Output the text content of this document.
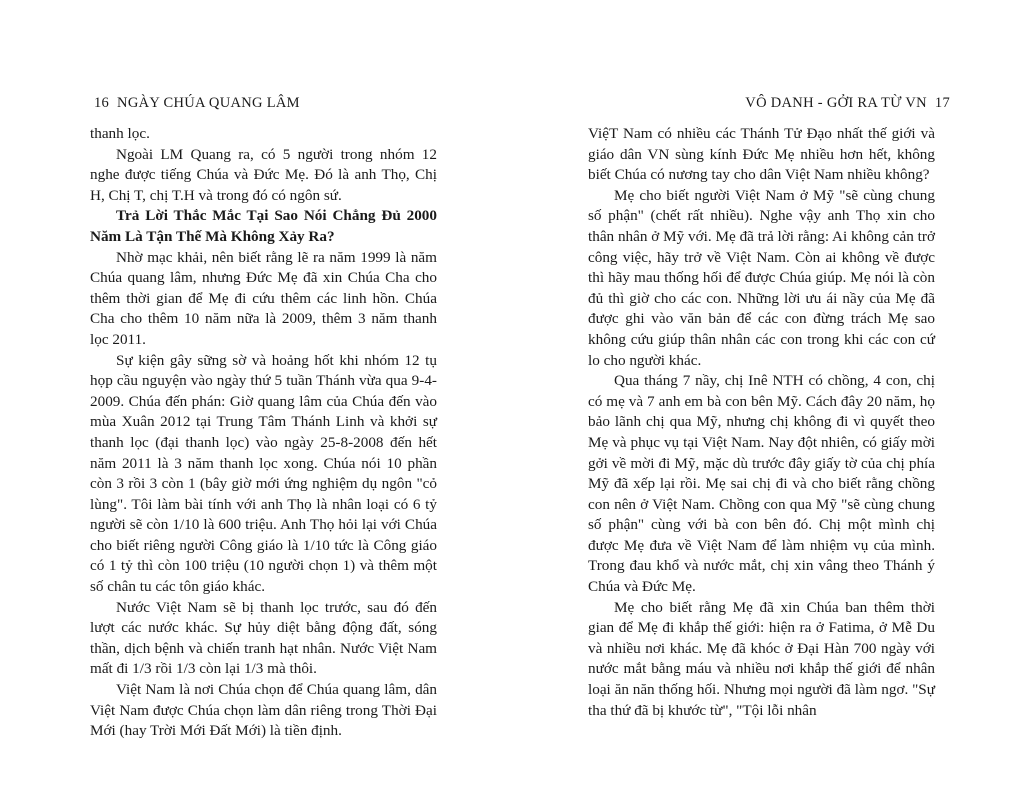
16 NGÀY CHÚA QUANG LÂM

thanh lọc.

Ngoài LM Quang ra, có 5 người trong nhóm 12 nghe được tiếng Chúa và Đức Mẹ. Đó là anh Thọ, Chị H, Chị T, chị T.H và trong đó có ngôn sứ.

Trả Lời Thắc Mắc Tại Sao Nói Chẳng Đủ 2000 Năm Là Tận Thế Mà Không Xảy Ra?

Nhờ mạc khải, nên biết rằng lẽ ra năm 1999 là năm Chúa quang lâm, nhưng Đức Mẹ đã xin Chúa Cha cho thêm thời gian để Mẹ đi cứu thêm các linh hồn. Chúa Cha cho thêm 10 năm nữa là 2009, thêm 3 năm thanh lọc 2011.

Sự kiện gây sững sờ và hoảng hốt khi nhóm 12 tụ họp cầu nguyện vào ngày thứ 5 tuần Thánh vừa qua 9-4-2009. Chúa đến phán: Giờ quang lâm của Chúa đến vào mùa Xuân 2012 tại Trung Tâm Thánh Linh và khởi sự thanh lọc (đại thanh lọc) vào ngày 25-8-2008 đến hết năm 2011 là 3 năm thanh lọc xong. Chúa nói 10 phần còn 3 rồi 3 còn 1 (bây giờ mới ứng nghiệm dụ ngôn "cỏ lùng". Tôi làm bài tính với anh Thọ là nhân loại có 6 tỷ người sẽ còn 1/10 là 600 triệu. Anh Thọ hỏi lại với Chúa cho biết riêng người Công giáo là 1/10 tức là Công giáo có 1 tỷ thì còn 100 triệu (10 người chọn 1) và thêm một số chân tu các tôn giáo khác.

Nước Việt Nam sẽ bị thanh lọc trước, sau đó đến lượt các nước khác. Sự hủy diệt bằng động đất, sóng thần, dịch bệnh và chiến tranh hạt nhân. Nước Việt Nam mất đi 1/3 rồi 1/3 còn lại 1/3 mà thôi.

Việt Nam là nơi Chúa chọn để Chúa quang lâm, dân Việt Nam được Chúa chọn làm dân riêng trong Thời Đại Mới (hay Trời Mới Đất Mới) là tiền định.

VÔ DANH - GỞI RA TỪ VN 17

ViệT Nam có nhiều các Thánh Tử Đạo nhất thế giới và giáo dân VN sùng kính Đức Mẹ nhiều hơn hết, không biết Chúa có nương tay cho dân Việt Nam nhiều không?

Mẹ cho biết người Việt Nam ở Mỹ "sẽ cùng chung số phận" (chết rất nhiều). Nghe vậy anh Thọ xin cho thân nhân ở Mỹ với. Mẹ đã trả lời rằng: Ai không cản trở công việc, hãy trở về Việt Nam. Còn ai không về được thì hãy mau thống hối để được Chúa giúp. Mẹ nói là còn đủ thì giờ cho các con. Những lời ưu ái nầy của Mẹ đã được ghi vào văn bản để các con đừng trách Mẹ sao không cứu giúp thân nhân các con trong khi các con cứ lo cho người khác.

Qua tháng 7 nầy, chị Inê NTH có chồng, 4 con, chị có mẹ và 7 anh em bà con bên Mỹ. Cách đây 20 năm, họ bảo lãnh chị qua Mỹ, nhưng chị không đi vì quyết theo Mẹ và phục vụ tại Việt Nam. Nay đột nhiên, có giấy mời gởi về mời đi Mỹ, mặc dù trước đây giấy tờ của chị phía Mỹ đã xếp lại rồi. Mẹ sai chị đi và cho biết rằng chồng con nên ở Việt Nam. Chồng con qua Mỹ "sẽ cùng chung số phận" cùng với bà con bên đó. Chị một mình chị được Mẹ đưa về Việt Nam để làm nhiệm vụ của mình. Trong đau khổ và nước mắt, chị xin vâng theo Thánh ý Chúa và Đức Mẹ.

Mẹ cho biết rằng Mẹ đã xin Chúa ban thêm thời gian để Mẹ đi khắp thế giới: hiện ra ở Fatima, ở Mễ Du và nhiều nơi khác. Mẹ đã khóc ở Đại Hàn 700 ngày với nước mắt bằng máu và nhiều nơi khắp thế giới để nhân loại ăn năn thống hối. Nhưng mọi người đã làm ngơ. "Sự tha thứ đã bị khước từ", "Tội lỗi nhân
